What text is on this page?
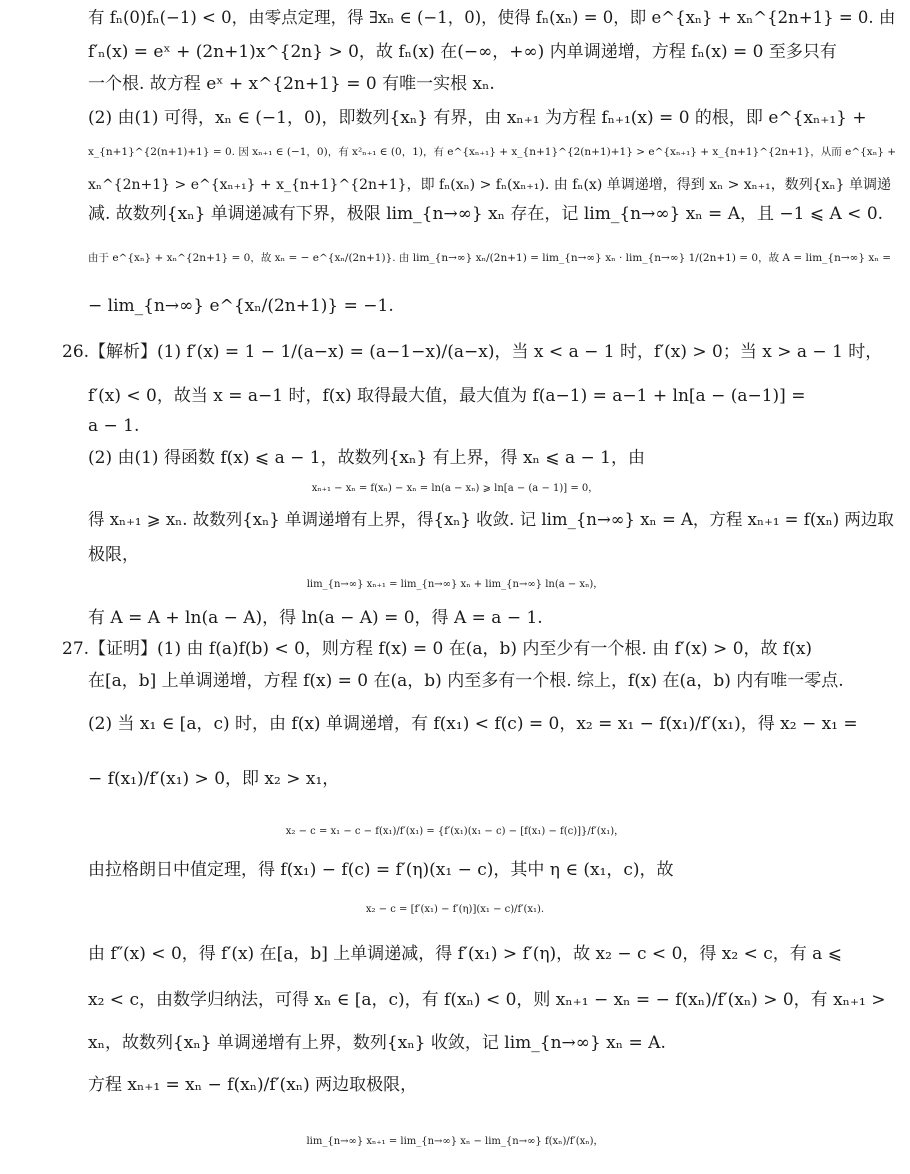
有 fₙ(0)fₙ(−1) < 0，由零点定理，得 ∃xₙ ∈ (−1，0)，使得 fₙ(xₙ) = 0，即 e^{xₙ} + xₙ^{2n+1} = 0. 由
f′ₙ(x) = eˣ + (2n+1)x^{2n} > 0，故 fₙ(x) 在(−∞，+∞) 内单调递增，方程 fₙ(x) = 0 至多只有
一个根. 故方程 eˣ + x^{2n+1} = 0 有唯一实根 xₙ.
(2) 由(1) 可得，xₙ ∈ (−1，0)，即数列{xₙ} 有界，由 xₙ₊₁ 为方程 fₙ₊₁(x) = 0 的根，即 e^{xₙ₊₁} +
x_{n+1}^{2(n+1)+1} = 0. 因 xₙ₊₁ ∈ (−1，0)，有 x²ₙ₊₁ ∈ (0，1)，有 e^{xₙ₊₁} + x_{n+1}^{2(n+1)+1} > e^{xₙ₊₁} + x_{n+1}^{2n+1}，从而 e^{xₙ} +
xₙ^{2n+1} > e^{xₙ₊₁} + x_{n+1}^{2n+1}，即 fₙ(xₙ) > fₙ(xₙ₊₁). 由 fₙ(x) 单调递增，得到 xₙ > xₙ₊₁，数列{xₙ} 单调递
减. 故数列{xₙ} 单调递减有下界，极限 lim_{n→∞} xₙ 存在，记 lim_{n→∞} xₙ = A，且 −1 ⩽ A < 0.
由于 e^{xₙ} + xₙ^{2n+1} = 0，故 xₙ = − e^{xₙ/(2n+1)}. 由 lim_{n→∞} xₙ/(2n+1) = lim_{n→∞} xₙ · lim_{n→∞} 1/(2n+1) = 0，故 A = lim_{n→∞} xₙ =
− lim_{n→∞} e^{xₙ/(2n+1)} = −1.
26.【解析】(1) f′(x) = 1 − 1/(a−x) = (a−1−x)/(a−x)，当 x < a − 1 时，f′(x) > 0；当 x > a − 1 时，
f′(x) < 0，故当 x = a−1 时，f(x) 取得最大值，最大值为 f(a−1) = a−1 + ln[a − (a−1)] =
a − 1.
(2) 由(1) 得函数 f(x) ⩽ a − 1，故数列{xₙ} 有上界，得 xₙ ⩽ a − 1，由
xₙ₊₁ − xₙ = f(xₙ) − xₙ = ln(a − xₙ) ⩾ ln[a − (a − 1)] = 0，
得 xₙ₊₁ ⩾ xₙ. 故数列{xₙ} 单调递增有上界，得{xₙ} 收敛. 记 lim_{n→∞} xₙ = A，方程 xₙ₊₁ = f(xₙ) 两边取
极限，
lim_{n→∞} xₙ₊₁ = lim_{n→∞} xₙ + lim_{n→∞} ln(a − xₙ)，
有 A = A + ln(a − A)，得 ln(a − A) = 0，得 A = a − 1.
27.【证明】(1) 由 f(a)f(b) < 0，则方程 f(x) = 0 在(a，b) 内至少有一个根. 由 f′(x) > 0，故 f(x)
在[a，b] 上单调递增，方程 f(x) = 0 在(a，b) 内至多有一个根. 综上，f(x) 在(a，b) 内有唯一零点.
(2) 当 x₁ ∈ [a，c) 时，由 f(x) 单调递增，有 f(x₁) < f(c) = 0，x₂ = x₁ − f(x₁)/f′(x₁)，得 x₂ − x₁ =
− f(x₁)/f′(x₁) > 0，即 x₂ > x₁，
x₂ − c = x₁ − c − f(x₁)/f′(x₁) = {f′(x₁)(x₁ − c) − [f(x₁) − f(c)]}/f′(x₁)，
由拉格朗日中值定理，得 f(x₁) − f(c) = f′(η)(x₁ − c)，其中 η ∈ (x₁，c)，故
x₂ − c = [f′(x₁) − f′(η)](x₁ − c)/f′(x₁).
由 f″(x) < 0，得 f′(x) 在[a，b] 上单调递减，得 f′(x₁) > f′(η)，故 x₂ − c < 0，得 x₂ < c，有 a ⩽
x₂ < c，由数学归纳法，可得 xₙ ∈ [a，c)，有 f(xₙ) < 0，则 xₙ₊₁ − xₙ = − f(xₙ)/f′(xₙ) > 0，有 xₙ₊₁ >
xₙ，故数列{xₙ} 单调递增有上界，数列{xₙ} 收敛，记 lim_{n→∞} xₙ = A.
方程 xₙ₊₁ = xₙ − f(xₙ)/f′(xₙ) 两边取极限，
lim_{n→∞} xₙ₊₁ = lim_{n→∞} xₙ − lim_{n→∞} f(xₙ)/f′(xₙ)，
